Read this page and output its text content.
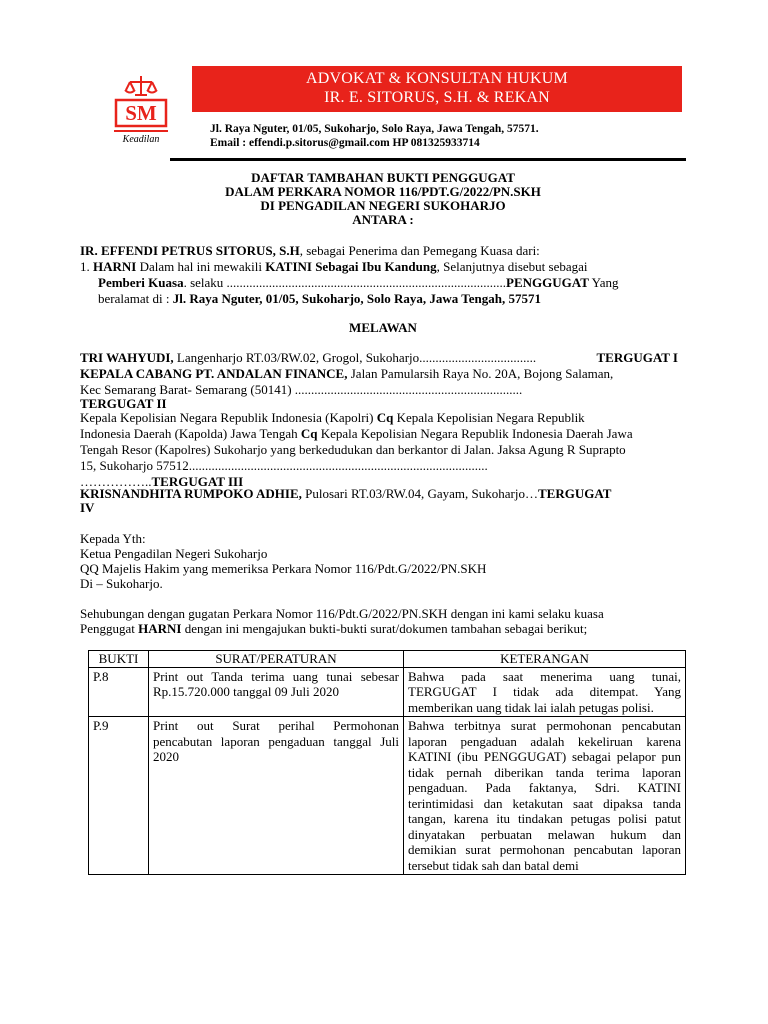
SM
Keadilan
ADVOKAT & KONSULTAN HUKUM
IR. E. SITORUS, S.H. & REKAN
Jl. Raya Nguter, 01/05, Sukoharjo, Solo Raya, Jawa Tengah, 57571.
Email : effendi.p.sitorus@gmail.com HP 081325933714
DAFTAR TAMBAHAN BUKTI PENGGUGAT
DALAM PERKARA NOMOR 116/PDT.G/2022/PN.SKH
DI PENGADILAN NEGERI SUKOHARJO
ANTARA :
IR. EFFENDI PETRUS SITORUS, S.H, sebagai Penerima dan Pemegang Kuasa dari:
1. HARNI Dalam hal ini mewakili KATINI Sebagai Ibu Kandung, Selanjutnya disebut sebagai
Pemberi Kuasa. selaku ......................................................................................PENGGUGAT Yang
beralamat di : Jl. Raya Nguter, 01/05, Sukoharjo, Solo Raya, Jawa Tengah, 57571
MELAWAN
TRI WAHYUDI, Langenharjo RT.03/RW.02, Grogol, Sukoharjo....................................	TERGUGAT I
KEPALA CABANG PT. ANDALAN FINANCE, Jalan Pamularsih Raya No. 20A, Bojong Salaman,
Kec Semarang Barat- Semarang (50141) ......................................................................
TERGUGAT II
Kepala Kepolisian Negara Republik Indonesia (Kapolri) Cq Kepala Kepolisian Negara Republik
Indonesia Daerah (Kapolda) Jawa Tengah Cq Kepala Kepolisian Negara Republik Indonesia Daerah Jawa
Tengah Resor (Kapolres) Sukoharjo yang berkedudukan dan berkantor di Jalan. Jaksa Agung R Suprapto
15, Sukoharjo 57512............................................................................................
……………..TERGUGAT III
KRISNANDHITA RUMPOKO ADHIE, Pulosari RT.03/RW.04, Gayam, Sukoharjo…TERGUGAT
IV
Kepada Yth:
Ketua Pengadilan Negeri Sukoharjo
QQ Majelis Hakim yang memeriksa Perkara Nomor 116/Pdt.G/2022/PN.SKH
Di – Sukoharjo.
Sehubungan dengan gugatan Perkara Nomor 116/Pdt.G/2022/PN.SKH dengan ini kami selaku kuasa
Penggugat HARNI dengan ini mengajukan bukti-bukti surat/dokumen tambahan sebagai berikut;
BUKTI	SURAT/PERATURAN	KETERANGAN
P.8	Print out Tanda terima uang tunai sebesar Rp.15.720.000 tanggal 09 Juli 2020	Bahwa pada saat menerima uang tunai, TERGUGAT I tidak ada ditempat. Yang memberikan uang tidak lai ialah petugas polisi.
P.9	Print out Surat perihal Permohonan pencabutan laporan pengaduan tanggal Juli 2020	Bahwa terbitnya surat permohonan pencabutan laporan pengaduan adalah kekeliruan karena KATINI (ibu PENGGUGAT) sebagai pelapor pun tidak pernah diberikan tanda terima laporan pengaduan. Pada faktanya, Sdri. KATINI terintimidasi dan ketakutan saat dipaksa tanda tangan, karena itu tindakan petugas polisi patut dinyatakan perbuatan melawan hukum dan demikian surat permohonan pencabutan laporan tersebut tidak sah dan batal demi
